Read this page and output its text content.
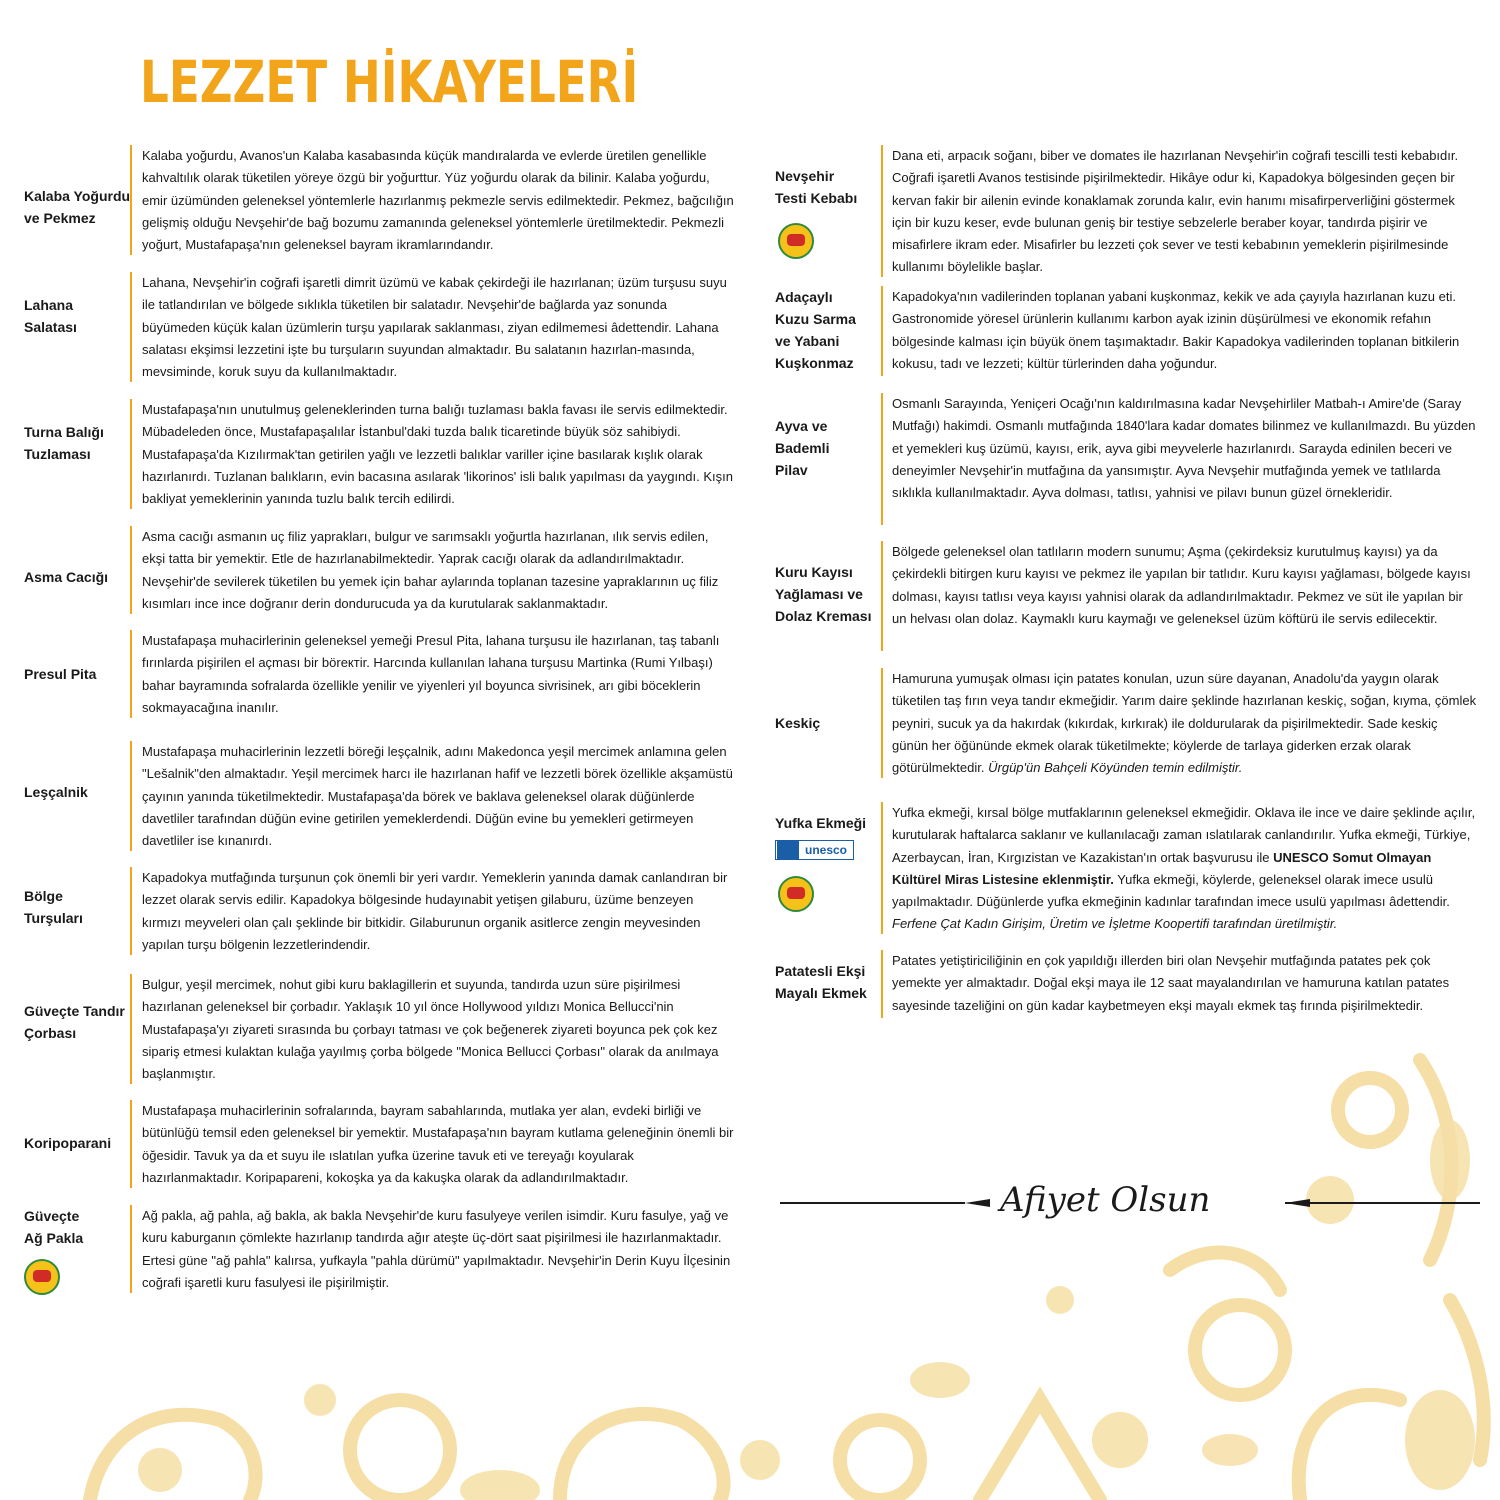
LEZZET HİKAYELERİ
Kalaba Yoğurdu
ve Pekmez
Kalaba yoğurdu, Avanos'un Kalaba kasabasında küçük mandıralarda ve evlerde üretilen genellikle kahvaltılık olarak tüketilen yöreye özgü bir yoğurttur. Yüz yoğurdu olarak da bilinir. Kalaba yoğurdu, emir üzümünden geleneksel yöntemlerle hazırlanmış pekmezle servis edilmektedir. Pekmez, bağcılığın gelişmiş olduğu Nevşehir'de bağ bozumu zamanında geleneksel yöntemlerle üretilmektedir. Pekmezli yoğurt, Mustafapaşa'nın geleneksel bayram ikramlarındandır.
Lahana
Salatası
Lahana, Nevşehir'in coğrafi işaretli dimrit üzümü ve kabak çekirdeği ile hazırlanan; üzüm turşusu suyu ile tatlandırılan ve bölgede sıklıkla tüketilen bir salatadır. Nevşehir'de bağlarda yaz sonunda büyümeden küçük kalan üzümlerin turşu yapılarak saklanması, ziyan edilmemesi âdettendir. Lahana salatası ekşimsi lezzetini işte bu turşuların suyundan almaktadır. Bu salatanın hazırlan-masında, mevsiminde, koruk suyu da kullanılmaktadır.
Turna Balığı
Tuzlaması
Mustafapaşa'nın unutulmuş geleneklerinden turna balığı tuzlaması bakla favası ile servis edilmektedir. Mübadeleden önce, Mustafapaşalılar İstanbul'daki tuzda balık ticaretinde büyük söz sahibiydi. Mustafapaşa'da Kızılırmak'tan getirilen yağlı ve lezzetli balıklar variller içine basılarak kışlık olarak hazırlanırdı. Tuzlanan balıkların, evin bacasına asılarak 'likorinos' isli balık yapılması da yaygındı. Kışın bakliyat yemeklerinin yanında tuzlu balık tercih edilirdi.
Asma Cacığı
Asma cacığı asmanın uç filiz yaprakları, bulgur ve sarımsaklı yoğurtla hazırlanan, ılık servis edilen, ekşi tatta bir yemektir. Etle de hazırlanabilmektedir. Yaprak cacığı olarak da adlandırılmaktadır. Nevşehir'de sevilerek tüketilen bu yemek için bahar aylarında toplanan tazesine yapraklarının uç filiz kısımları ince ince doğranır derin dondurucuda ya da kurutularak saklanmaktadır.
Presul Pita
Mustafapaşa muhacirlerinin geleneksel yemeği Presul Pita, lahana turşusu ile hazırlanan, taş tabanlı fırınlarda pişirilen el açması bir böreктir. Harcında kullanılan lahana turşusu Martinka (Rumi Yılbaşı) bahar bayramında sofralarda özellikle yenilir ve yiyenleri yıl boyunca sivrisinek, arı gibi böceklerin sokmayacağına inanılır.
Leşçalnik
Mustafapaşa muhacirlerinin lezzetli böreği leşçalnik, adını Makedonca yeşil mercimek anlamına gelen "Lešalnik"den almaktadır. Yeşil mercimek harcı ile hazırlanan hafif ve lezzetli börek özellikle akşamüstü çayının yanında tüketilmektedir. Mustafapaşa'da börek ve baklava geleneksel olarak düğünlerde davetliler tarafından düğün evine getirilen yemeklerdendi. Düğün evine bu yemekleri getirmeyen davetliler ise kınanırdı.
Bölge
Turşuları
Kapadokya mutfağında turşunun çok önemli bir yeri vardır. Yemeklerin yanında damak canlandıran bir lezzet olarak servis edilir. Kapadokya bölgesinde hudayınabit yetişen gilaburu, üzüme benzeyen kırmızı meyveleri olan çalı şeklinde bir bitkidir. Gilaburunun organik asitlerce zengin meyvesinden yapılan turşu bölgenin lezzetlerindendir.
Güveçte Tandır
Çorbası
Bulgur, yeşil mercimek, nohut gibi kuru baklagillerin et suyunda, tandırda uzun süre pişirilmesi hazırlanan geleneksel bir çorbadır. Yaklaşık 10 yıl önce Hollywood yıldızı Monica Bellucci'nin Mustafapaşa'yı ziyareti sırasında bu çorbayı tatması ve çok beğenerek ziyareti boyunca pek çok kez sipariş etmesi kulaktan kulağa yayılmış çorba bölgede "Monica Bellucci Çorbası" olarak da anılmaya başlanmıştır.
Koripoparani
Mustafapaşa muhacirlerinin sofralarında, bayram sabahlarında, mutlaka yer alan, evdeki birliği ve bütünlüğü temsil eden geleneksel bir yemektir. Mustafapaşa'nın bayram kutlama geleneğinin önemli bir öğesidir. Tavuk ya da et suyu ile ıslatılan yufka üzerine tavuk eti ve tereyağı koyularak hazırlanmaktadır. Koripapareni, kokoşka ya da kakuşka olarak da adlandırılmaktadır.
Güveçte
Ağ Pakla
Ağ pakla, ağ pahla, ağ bakla, ak bakla Nevşehir'de kuru fasulyeye verilen isimdir. Kuru fasulye, yağ ve kuru kaburganın çömlekte hazırlanıp tandırda ağır ateşte üç-dört saat pişirilmesi ile hazırlanmaktadır. Ertesi güne "ağ pahla" kalırsa, yufkayla "pahla dürümü" yapılmaktadır. Nevşehir'in Derin Kuyu İlçesinin coğrafi işaretli kuru fasulyesi ile pişirilmiştir.
Nevşehir
Testi Kebabı
Dana eti, arpacık soğanı, biber ve domates ile hazırlanan Nevşehir'in coğrafi tescilli testi kebabıdır. Coğrafi işaretli Avanos testisinde pişirilmektedir. Hikâye odur ki, Kapadokya bölgesinden geçen bir kervan fakir bir ailenin evinde konaklamak zorunda kalır, evin hanımı misafirperverliğini göstermek için bir kuzu keser, evde bulunan geniş bir testiye sebzelerle beraber koyar, tandırda pişirir ve misafirlere ikram eder. Misafirler bu lezzeti çok sever ve testi kebabının yemeklerin pişirilmesinde kullanımı böylelikle başlar.
Adaçaylı
Kuzu Sarma
ve Yabani
Kuşkonmaz
Kapadokya'nın vadilerinden toplanan yabani kuşkonmaz, kekik ve ada çayıyla hazırlanan kuzu eti. Gastronomide yöresel ürünlerin kullanımı karbon ayak izinin düşürülmesi ve ekonomik refahın bölgesinde kalması için büyük önem taşımaktadır. Bakir Kapadokya vadilerinden toplanan bitkilerin kokusu, tadı ve lezzeti; kültür türlerinden daha yoğundur.
Ayva ve
Bademli
Pilav
Osmanlı Sarayında, Yeniçeri Ocağı'nın kaldırılmasına kadar Nevşehirliler Matbah-ı Amire'de (Saray Mutfağı) hakimdi. Osmanlı mutfağında 1840'lara kadar domates bilinmez ve kullanılmazdı. Bu yüzden et yemekleri kuş üzümü, kayısı, erik, ayva gibi meyvelerle hazırlanırdı. Sarayda edinilen beceri ve deneyimler Nevşehir'in mutfağına da yansımıştır. Ayva Nevşehir mutfağında yemek ve tatlılarda sıklıkla kullanılmaktadır. Ayva dolması, tatlısı, yahnisi ve pilavı bunun güzel örnekleridir.
Kuru Kayısı
Yağlaması ve
Dolaz Kreması
Bölgede geleneksel olan tatlıların modern sunumu; Aşma (çekirdeksiz kurutulmuş kayısı) ya da çekirdekli bitirgen kuru kayısı ve pekmez ile yapılan bir tatlıdır. Kuru kayısı yağlaması, bölgede kayısı dolması, kayısı tatlısı veya kayısı yahnisi olarak da adlandırılmaktadır. Pekmez ve süt ile yapılan bir un helvası olan dolaz. Kaymaklı kuru kaymağı ve geleneksel üzüm köftürü ile servis edilecektir.
Keskiç
Hamuruna yumuşak olması için patates konulan, uzun süre dayanan, Anadolu'da yaygın olarak tüketilen taş fırın veya tandır ekmeğidir. Yarım daire şeklinde hazırlanan keskiç, soğan, kıyma, çömlek peyniri, sucuk ya da hakırdak (kıkırdak, kırkırak) ile doldurularak da pişirilmektedir. Sade keskiç günün her öğününde ekmek olarak tüketilmekte; köylerde de tarlaya giderken erzak olarak götürülmektedir. Ürgüp'ün Bahçeli Köyünden temin edilmiştir.
Yufka Ekmeği
unesco
Yufka ekmeği, kırsal bölge mutfaklarının geleneksel ekmeğidir. Oklava ile ince ve daire şeklinde açılır, kurutularak haftalarca saklanır ve kullanılacağı zaman ıslatılarak canlandırılır. Yufka ekmeği, Türkiye, Azerbaycan, İran, Kırgızistan ve Kazakistan'ın ortak başvurusu ile UNESCO Somut Olmayan Kültürel Miras Listesine eklenmiştir. Yufka ekmeği, köylerde, geleneksel olarak imece usulü yapılmaktadır. Düğünlerde yufka ekmeğinin kadınlar tarafından imece usulü yapılması âdettendir. Ferfene Çat Kadın Girişim, Üretim ve İşletme Koopertifi tarafından üretilmiştir.
Patatesli Ekşi
Mayalı Ekmek
Patates yetiştiriciliğinin en çok yapıldığı illerden biri olan Nevşehir mutfağında patates pek çok yemekte yer almaktadır. Doğal ekşi maya ile 12 saat mayalandırılan ve hamuruna katılan patates sayesinde tazeliğini on gün kadar kaybetmeyen ekşi mayalı ekmek taş fırında pişirilmektedir.
Afiyet Olsun
